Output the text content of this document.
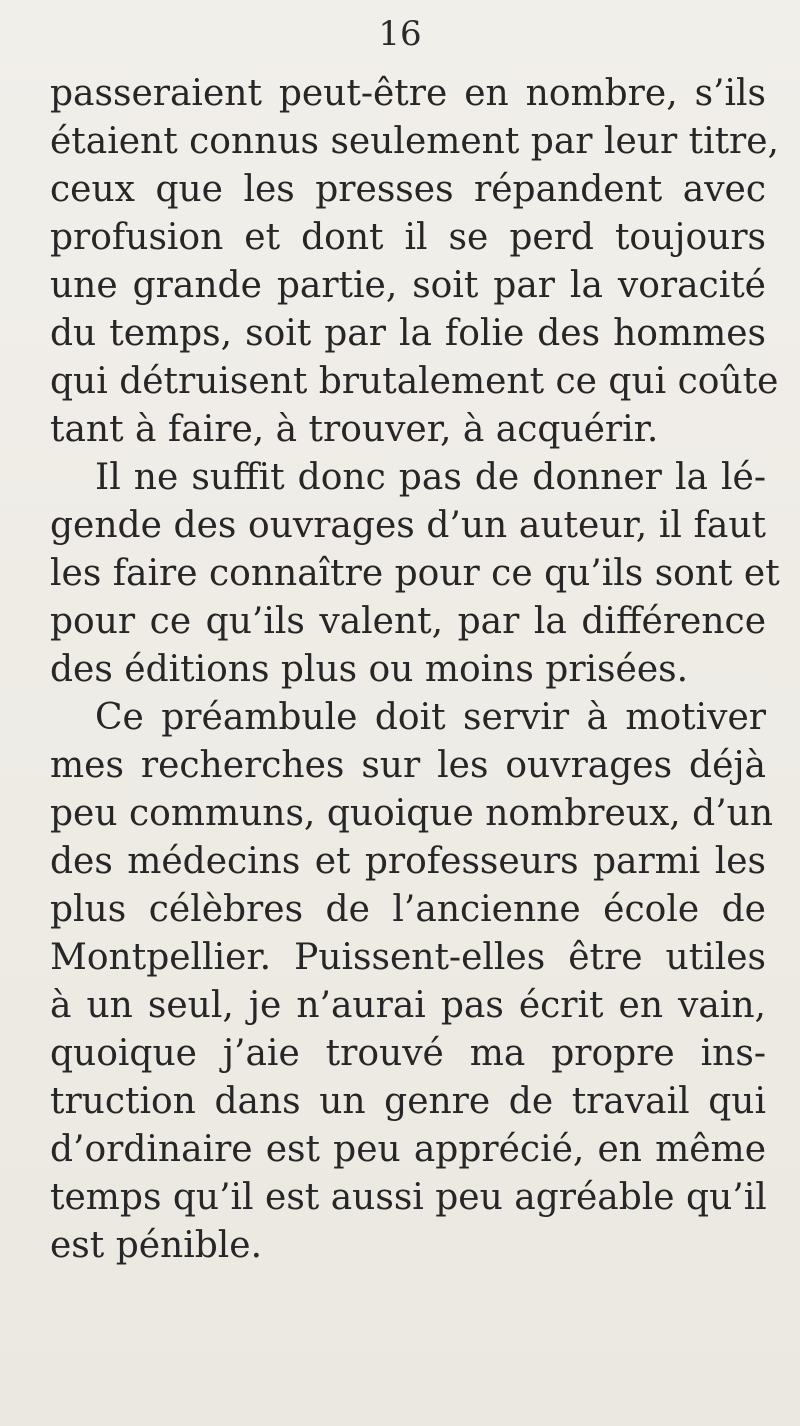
16
passeraient peut-être en nombre, s’ils
étaient connus seulement par leur titre,
ceux que les presses répandent avec
profusion et dont il se perd toujours
une grande partie, soit par la voracité
du temps, soit par la folie des hommes
qui détruisent brutalement ce qui coûte
tant à faire, à trouver, à acquérir.
Il ne suffit donc pas de donner la lé-
gende des ouvrages d’un auteur, il faut
les faire connaître pour ce qu’ils sont et
pour ce qu’ils valent, par la différence
des éditions plus ou moins prisées.
Ce préambule doit servir à motiver
mes recherches sur les ouvrages déjà
peu communs, quoique nombreux, d’un
des médecins et professeurs parmi les
plus célèbres de l’ancienne école de
Montpellier. Puissent-elles être utiles
à un seul, je n’aurai pas écrit en vain,
quoique j’aie trouvé ma propre ins-
truction dans un genre de travail qui
d’ordinaire est peu apprécié, en même
temps qu’il est aussi peu agréable qu’il
est pénible.
